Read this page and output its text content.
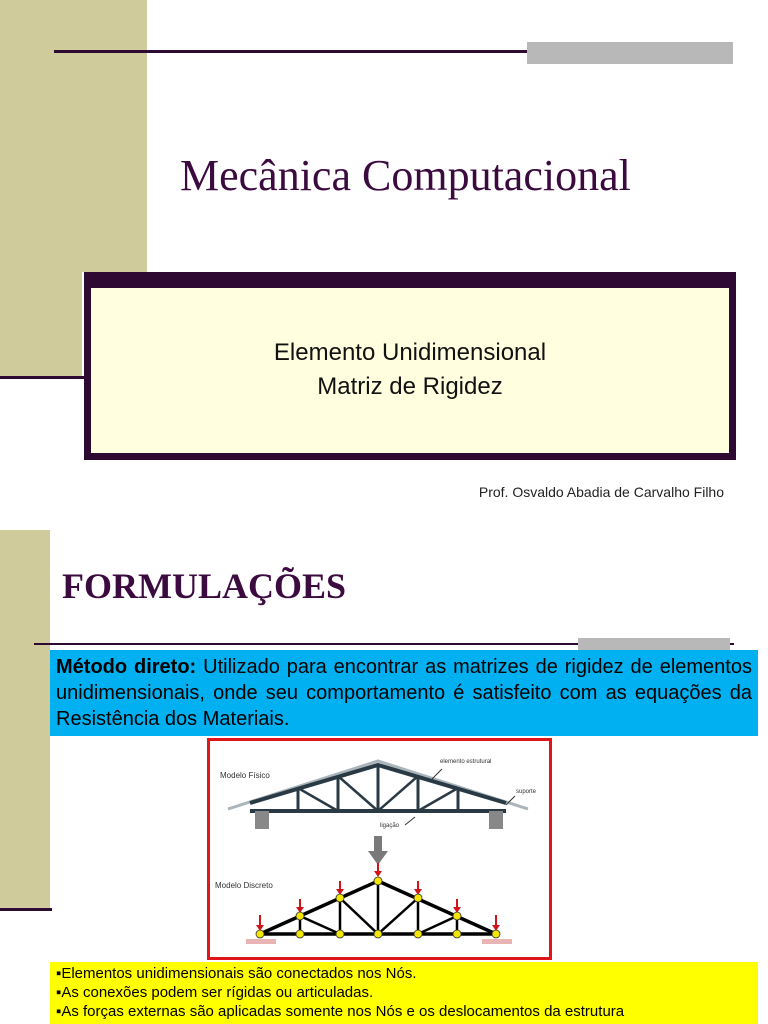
Mecânica Computacional
Elemento Unidimensional
Matriz de Rigidez
Prof. Osvaldo Abadia de Carvalho Filho
FORMULAÇÕES
Método direto: Utilizado para encontrar as matrizes de rigidez de elementos unidimensionais, onde seu comportamento é satisfeito com as equações da Resistência dos Materiais.
Modelo Físico
elemento estrutural
suporte
ligação
Modelo Discreto
▪Elementos unidimensionais são conectados nos Nós.
▪As conexões podem ser rígidas ou articuladas.
▪As forças externas são aplicadas somente nos Nós e os deslocamentos da estrutura
